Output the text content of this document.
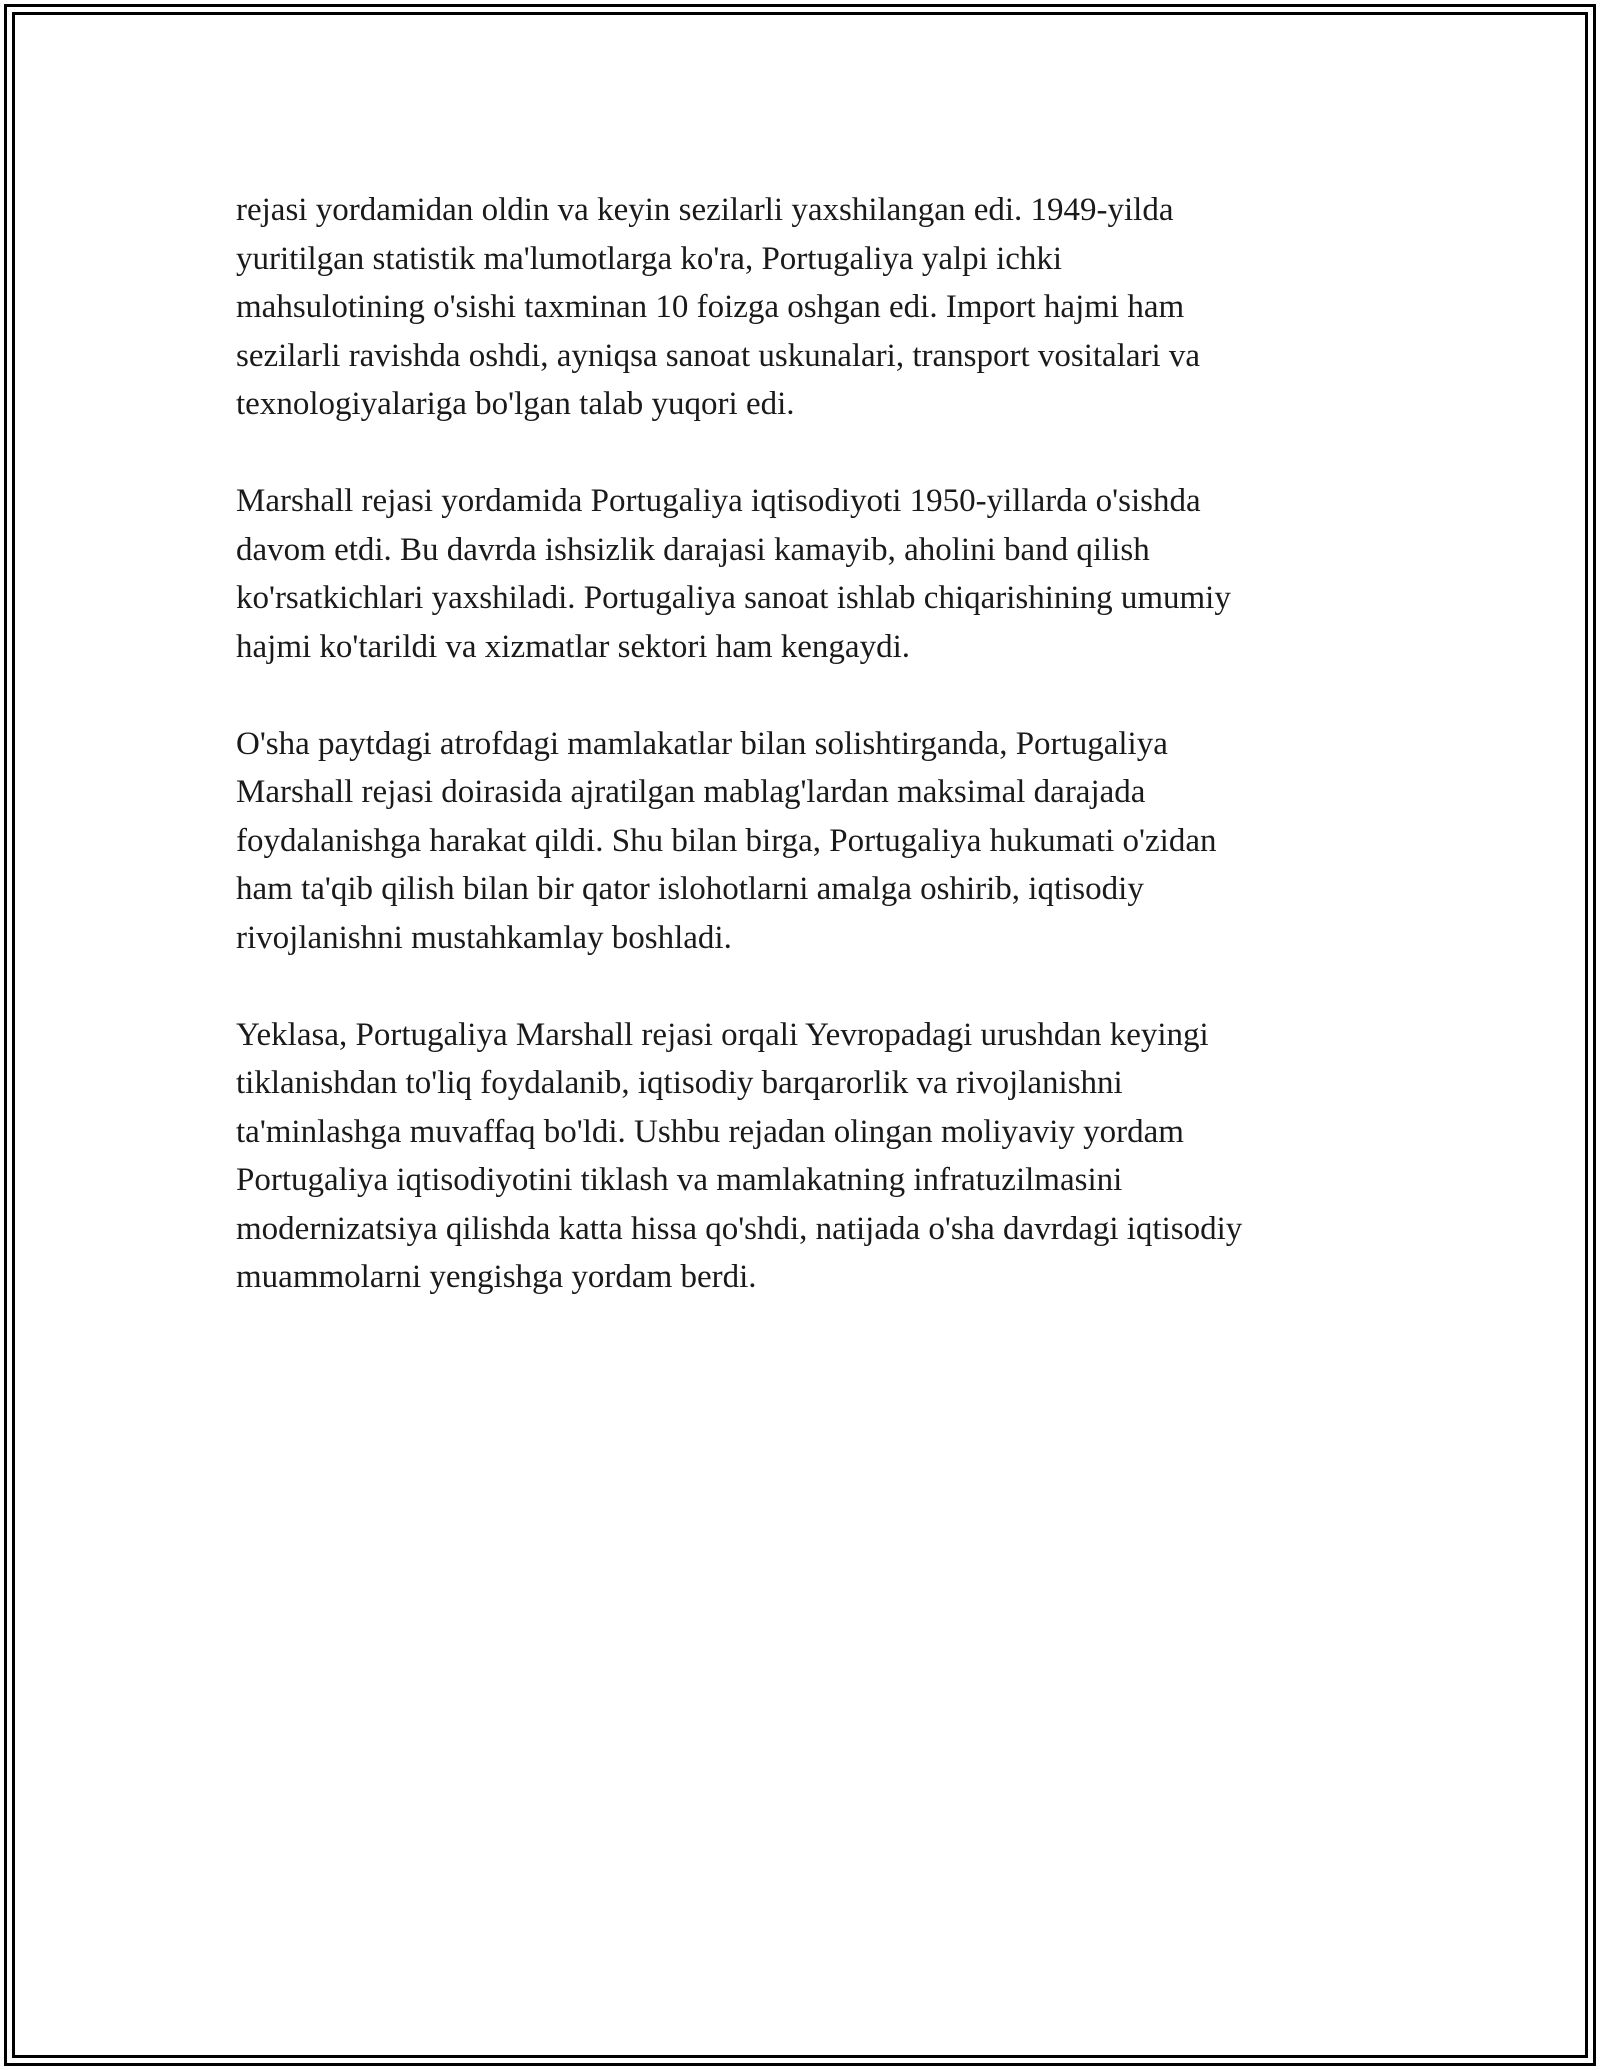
rejasi yordamidan oldin va keyin sezilarli yaxshilangan edi. 1949-yilda
yuritilgan statistik ma'lumotlarga ko'ra, Portugaliya yalpi ichki
mahsulotining o'sishi taxminan 10 foizga oshgan edi. Import hajmi ham
sezilarli ravishda oshdi, ayniqsa sanoat uskunalari, transport vositalari va
texnologiyalariga bo'lgan talab yuqori edi.

Marshall rejasi yordamida Portugaliya iqtisodiyoti 1950-yillarda o'sishda
davom etdi. Bu davrda ishsizlik darajasi kamayib, aholini band qilish
ko'rsatkichlari yaxshiladi. Portugaliya sanoat ishlab chiqarishining umumiy
hajmi ko'tarildi va xizmatlar sektori ham kengaydi.

O'sha paytdagi atrofdagi mamlakatlar bilan solishtirganda, Portugaliya
Marshall rejasi doirasida ajratilgan mablag'lardan maksimal darajada
foydalanishga harakat qildi. Shu bilan birga, Portugaliya hukumati o'zidan
ham ta'qib qilish bilan bir qator islohotlarni amalga oshirib, iqtisodiy
rivojlanishni mustahkamlay boshladi.

Yeklasa, Portugaliya Marshall rejasi orqali Yevropadagi urushdan keyingi
tiklanishdan to'liq foydalanib, iqtisodiy barqarorlik va rivojlanishni
ta'minlashga muvaffaq bo'ldi. Ushbu rejadan olingan moliyaviy yordam
Portugaliya iqtisodiyotini tiklash va mamlakatning infratuzilmasini
modernizatsiya qilishda katta hissa qo'shdi, natijada o'sha davrdagi iqtisodiy
muammolarni yengishga yordam berdi.
